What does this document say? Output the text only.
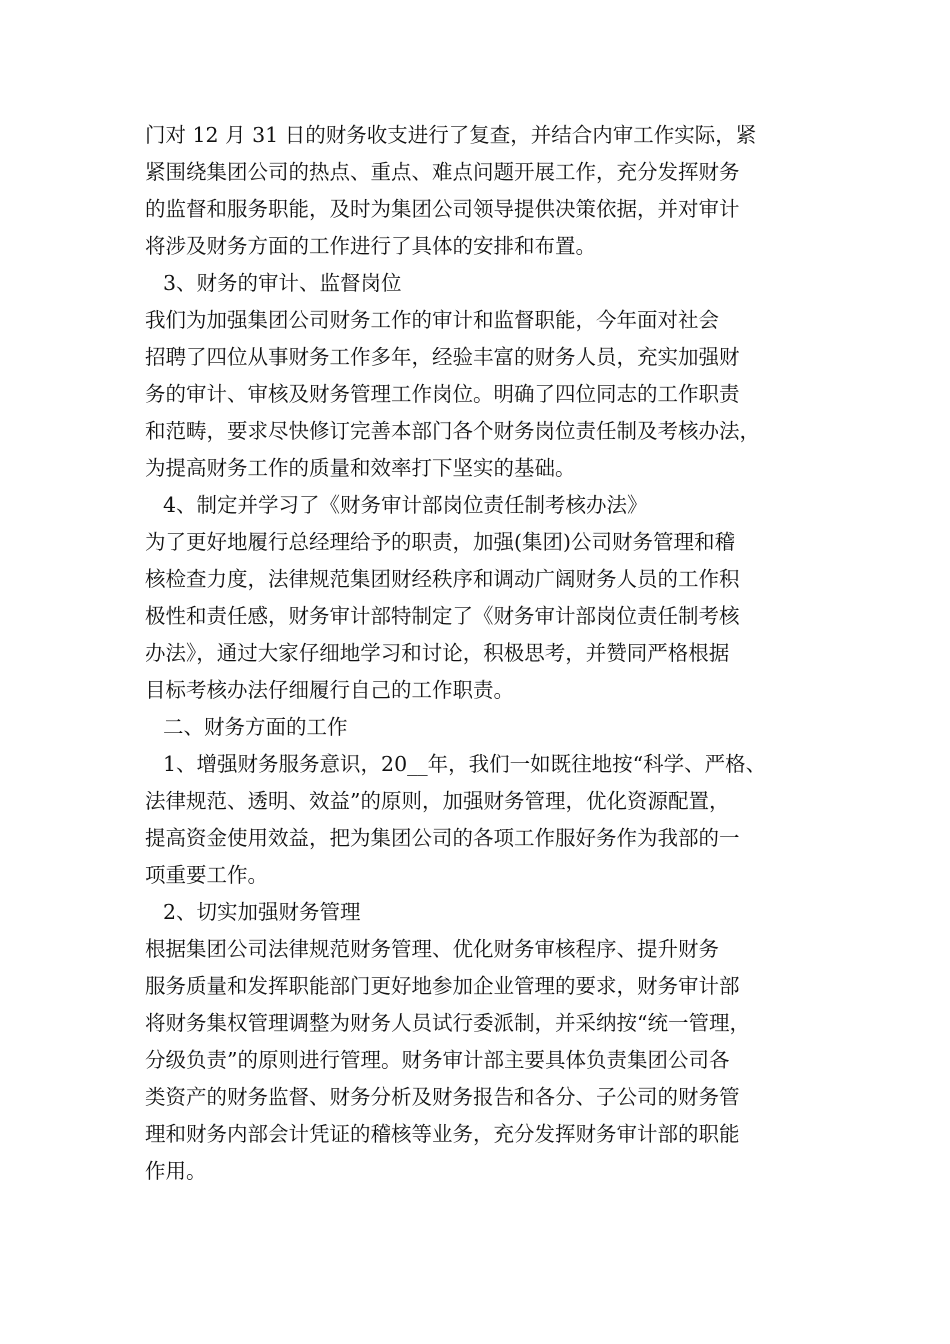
门对 12 月 31 日的财务收支进行了复查，并结合内审工作实际，紧
紧围绕集团公司的热点、重点、难点问题开展工作，充分发挥财务
的监督和服务职能，及时为集团公司领导提供决策依据，并对审计
将涉及财务方面的工作进行了具体的安排和布置。
3、财务的审计、监督岗位
我们为加强集团公司财务工作的审计和监督职能，今年面对社会
招聘了四位从事财务工作多年，经验丰富的财务人员，充实加强财
务的审计、审核及财务管理工作岗位。明确了四位同志的工作职责
和范畴，要求尽快修订完善本部门各个财务岗位责任制及考核办法，
为提高财务工作的质量和效率打下坚实的基础。
4、制定并学习了《财务审计部岗位责任制考核办法》
为了更好地履行总经理给予的职责，加强(集团)公司财务管理和稽
核检查力度，法律规范集团财经秩序和调动广阔财务人员的工作积
极性和责任感，财务审计部特制定了《财务审计部岗位责任制考核
办法》，通过大家仔细地学习和讨论，积极思考，并赞同严格根据
目标考核办法仔细履行自己的工作职责。
二、财务方面的工作
1、增强财务服务意识，20__年，我们一如既往地按“科学、严格、
法律规范、透明、效益”的原则，加强财务管理，优化资源配置，
提高资金使用效益，把为集团公司的各项工作服好务作为我部的一
项重要工作。
2、切实加强财务管理
根据集团公司法律规范财务管理、优化财务审核程序、提升财务
服务质量和发挥职能部门更好地参加企业管理的要求，财务审计部
将财务集权管理调整为财务人员试行委派制，并采纳按“统一管理，
分级负责”的原则进行管理。财务审计部主要具体负责集团公司各
类资产的财务监督、财务分析及财务报告和各分、子公司的财务管
理和财务内部会计凭证的稽核等业务，充分发挥财务审计部的职能
作用。
